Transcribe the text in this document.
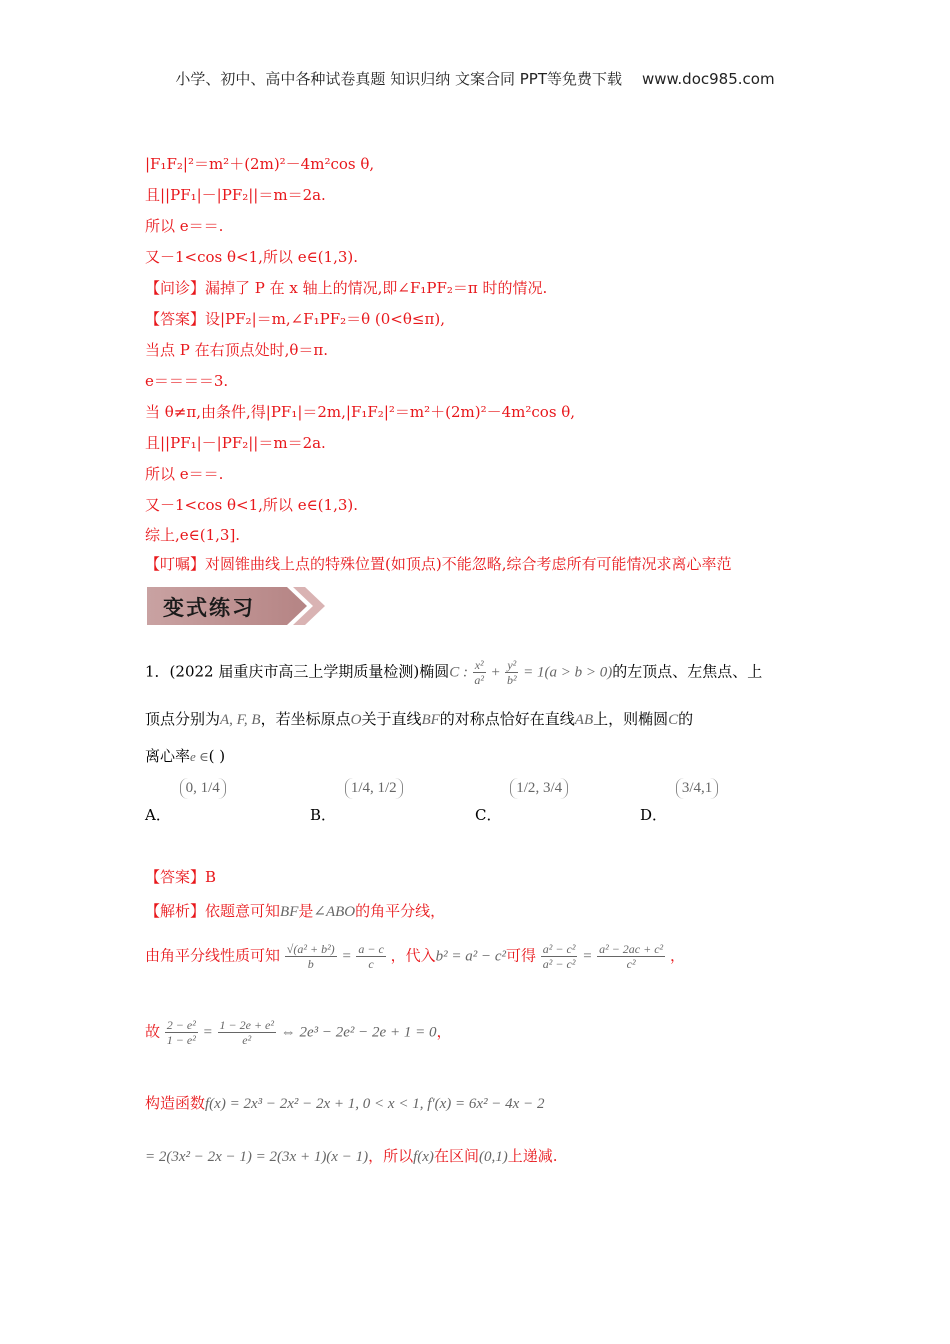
小学、初中、高中各种试卷真题 知识归纳 文案合同 PPT等免费下载 www.doc985.com
|F₁F₂|²＝m²＋(2m)²－4m²cos θ,
且||PF₁|－|PF₂||＝m＝2a.
所以 e＝＝.
又－1<cos θ<1,所以 e∈(1,3).
【问诊】漏掉了 P 在 x 轴上的情况,即∠F₁PF₂＝π 时的情况.
【答案】设|PF₂|＝m,∠F₁PF₂＝θ (0<θ≤π),
当点 P 在右顶点处时,θ＝π.
e＝＝＝＝3.
当 θ≠π,由条件,得|PF₁|＝2m,|F₁F₂|²＝m²＋(2m)²－4m²cos θ,
且||PF₁|－|PF₂||＝m＝2a.
所以 e＝＝.
又－1<cos θ<1,所以 e∈(1,3).
综上,e∈(1,3].
【叮嘱】对圆锥曲线上点的特殊位置(如顶点)不能忽略,综合考虑所有可能情况求离心率范
变式练习
1．(2022 届重庆市高三上学期质量检测)椭圆C : $\frac{\text{x²}}{\text{a²}} + \frac{\text{y²}}{\text{b²}} = 1(a > b > 0)$的左顶点、左焦点、上
顶点分别为A, F, B，若坐标原点O关于直线BF的对称点恰好在直线AB上，则椭圆C的
离心率e ∈( )
A． 0, 1/4
B． 1/4, 1/2
C． 1/2, 3/4
D． 3/4,1
【答案】B
【解析】依题意可知BF是∠ABO的角平分线，
由角平分线性质可知 $\frac{\text{√(a² + b²)}}{b} = \frac{a - c}{c}$ ，代入b² = a² − c²可得 $\frac{\text{a² − c²}}{\text{a² − c²}} = \frac{\text{a² − 2ac + c²}}{\text{c²}}$ ，
故 $\frac{\text{2 − e²}}{\text{1 − e²}} = \frac{\text{1 − 2e + e²}}{\text{e²}}$ ⇔ 2e³ − 2e² − 2e + 1 = 0，
构造函数f(x) = 2x³ − 2x² − 2x + 1, 0 < x < 1, f′(x) = 6x² − 4x − 2
= 2(3x² − 2x − 1) = 2(3x + 1)(x − 1)，所以f(x)在区间(0,1)上递减.
